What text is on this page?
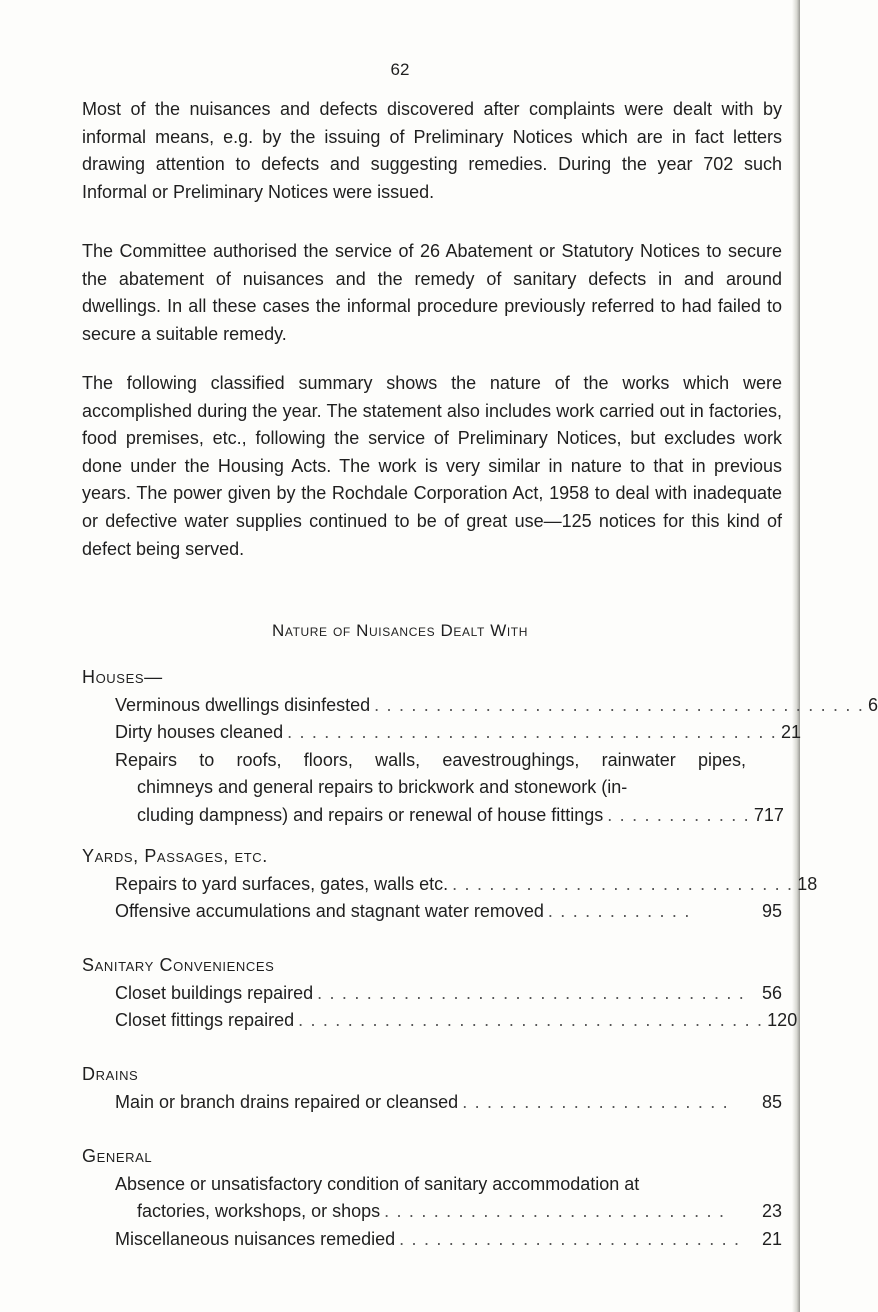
62

Most of the nuisances and defects discovered after complaints were dealt with by informal means, e.g. by the issuing of Preliminary Notices which are in fact letters drawing attention to defects and suggesting remedies. During the year 702 such Informal or Preliminary Notices were issued.

The Committee authorised the service of 26 Abatement or Statutory Notices to secure the abatement of nuisances and the remedy of sanitary defects in and around dwellings. In all these cases the informal procedure previously referred to had failed to secure a suitable remedy.

The following classified summary shows the nature of the works which were accomplished during the year. The statement also includes work carried out in factories, food premises, etc., following the service of Preliminary Notices, but excludes work done under the Housing Acts. The work is very similar in nature to that in previous years. The power given by the Rochdale Corporation Act, 1958 to deal with inadequate or defective water supplies continued to be of great use—125 notices for this kind of defect being served.

Nature of Nuisances Dealt With
Houses—
Verminous dwellings disinfested . . . . . . . . . . . . . . . . . . . . . . . . . . . . . . . . . . . . . . . . 6
Dirty houses cleaned . . . . . . . . . . . . . . . . . . . . . . . . . . . . . . . . . . . . . . . . 21
Repairs to roofs, floors, walls, eavestroughings, rainwater pipes,
chimneys and general repairs to brickwork and stonework (in-
cluding dampness) and repairs or renewal of house fittings . . . . . . . . . . . . 717
Yards, Passages, etc.
Repairs to yard surfaces, gates, walls etc. . . . . . . . . . . . . . . . . . . . . . . . . . . . . 18
Offensive accumulations and stagnant water removed . . . . . . . . . . . .	95
Sanitary Conveniences
Closet buildings repaired . . . . . . . . . . . . . . . . . . . . . . . . . . . . . . . . . . . 56
Closet fittings repaired . . . . . . . . . . . . . . . . . . . . . . . . . . . . . . . . . . . . . . 120
Drains
Main or branch drains repaired or cleansed . . . . . . . . . . . . . . . . . . . . . .	85
General
Absence or unsatisfactory condition of sanitary accommodation at
factories, workshops, or shops . . . . . . . . . . . . . . . . . . . . . . . . . . . .	23
Miscellaneous nuisances remedied . . . . . . . . . . . . . . . . . . . . . . . . . . . .	21
